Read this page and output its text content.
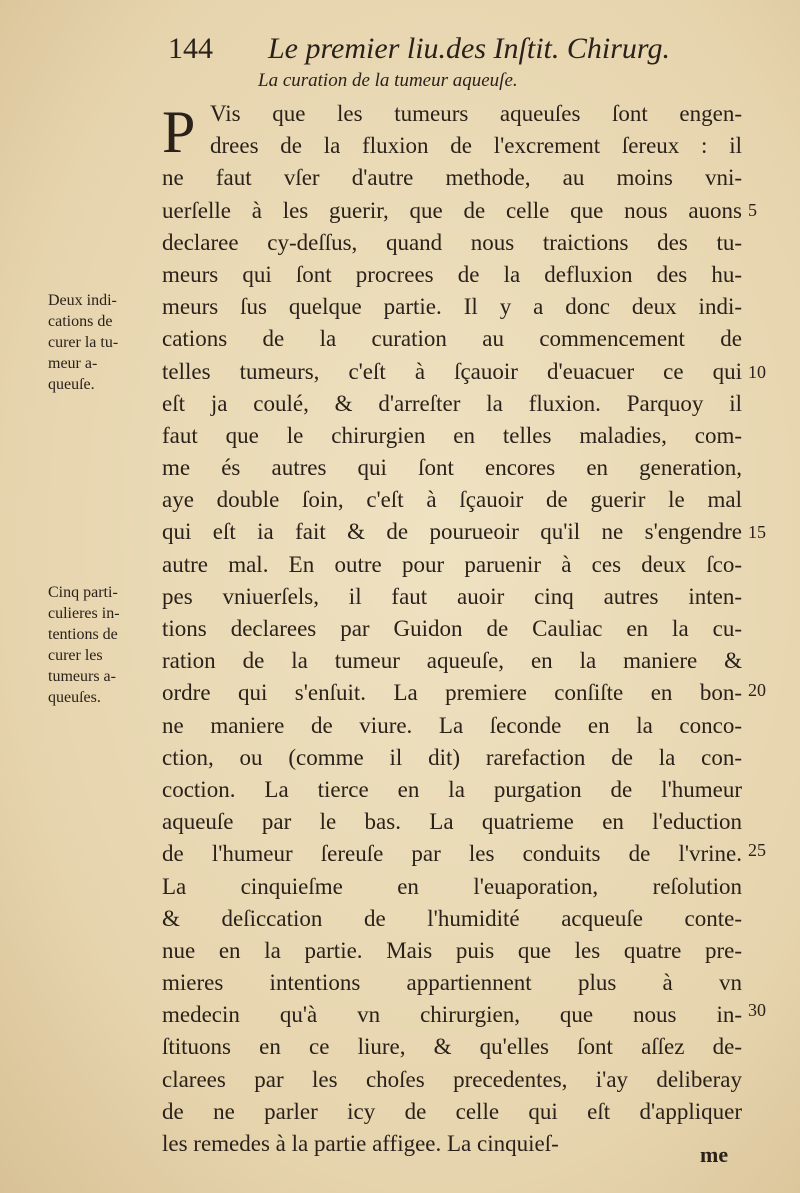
144 Le premier liu.des Inſtit. Chirurg.
La curation de la tumeur aqueuſe.
P Vis que les tumeurs aqueuſes ſont engen-
drees de la fluxion de l'excrement ſereux : il
ne faut vſer d'autre methode, au moins vni-
uerſelle à les guerir, que de celle que nous auons
declaree cy-deſſus, quand nous traictions des tu-
meurs qui ſont procrees de la defluxion des hu-
meurs ſus quelque partie. Il y a donc deux indi-
cations de la curation au commencement de
telles tumeurs, c'eſt à ſçauoir d'euacuer ce qui
eſt ja coulé, & d'arreſter la fluxion. Parquoy il
faut que le chirurgien en telles maladies, com-
me és autres qui ſont encores en generation,
aye double ſoin, c'eſt à ſçauoir de guerir le mal
qui eſt ia fait & de pourueoir qu'il ne s'engendre
autre mal. En outre pour paruenir à ces deux ſco-
pes vniuerſels, il faut auoir cinq autres inten-
tions declarees par Guidon de Cauliac en la cu-
ration de la tumeur aqueuſe, en la maniere &
ordre qui s'enſuit. La premiere conſiſte en bon-
ne maniere de viure. La ſeconde en la conco-
ction, ou (comme il dit) rarefaction de la con-
coction. La tierce en la purgation de l'humeur
aqueuſe par le bas. La quatrieme en l'eduction
de l'humeur ſereuſe par les conduits de l'vrine.
La cinquieſme en l'euaporation, reſolution
& deſiccation de l'humidité acqueuſe conte-
nue en la partie. Mais puis que les quatre pre-
mieres intentions appartiennent plus à vn
medecin qu'à vn chirurgien, que nous in-
ſtituons en ce liure, & qu'elles ſont aſſez de-
clarees par les choſes precedentes, i'ay deliberay
de ne parler icy de celle qui eſt d'appliquer
les remedes à la partie affigee. La cinquieſ-
Deux indi-
cations de
curer la tu-
meur a-
queuſe.
Cinq parti-
culieres in-
tentions de
curer les
tumeurs a-
queuſes.
5
10
15
20
25
30
me
